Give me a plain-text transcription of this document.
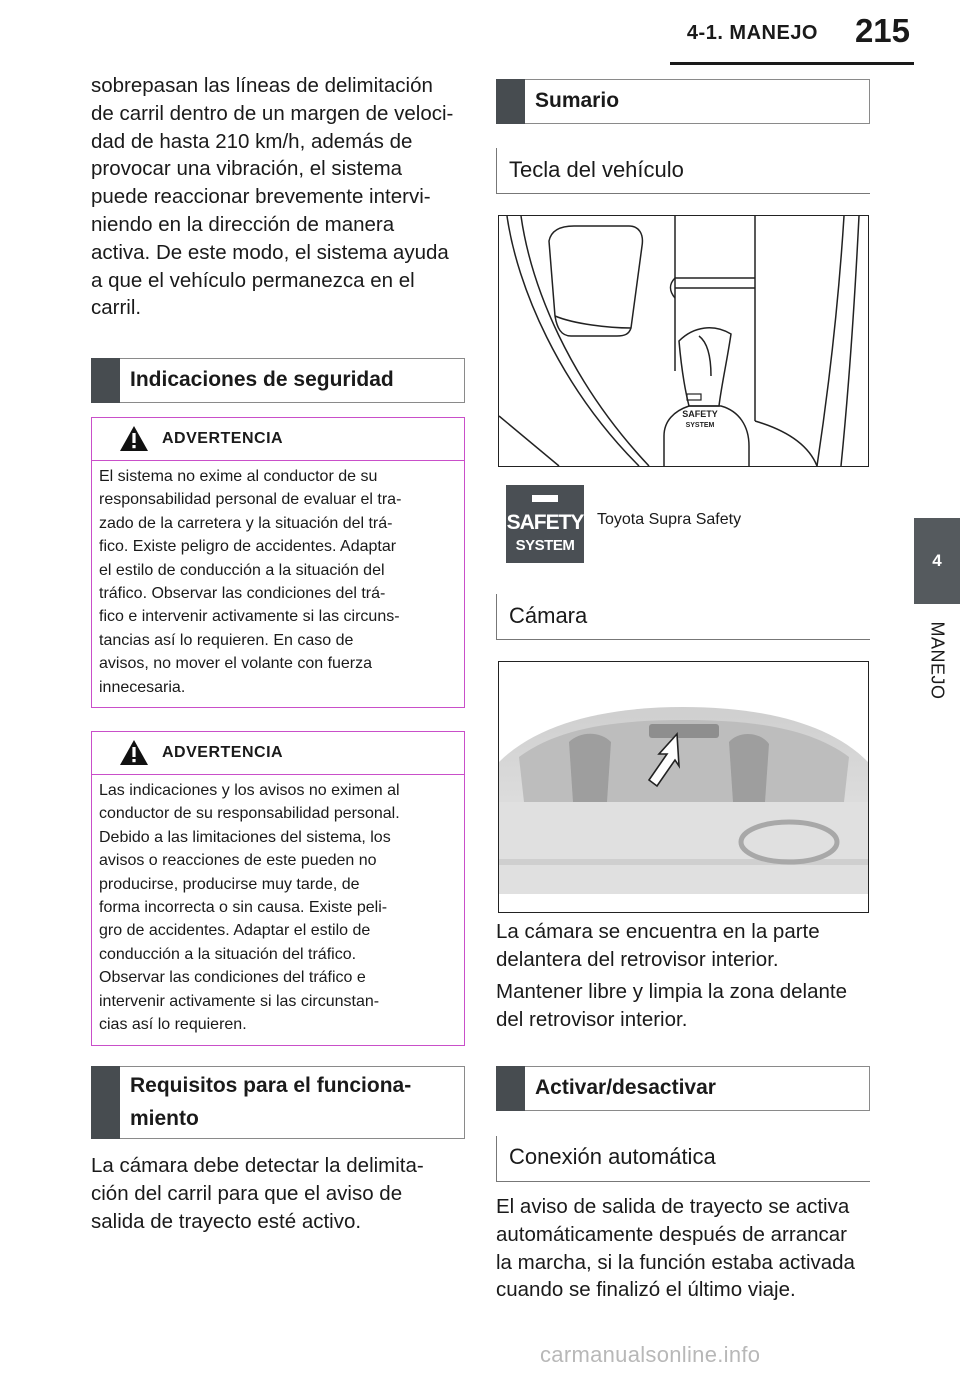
4-1. MANEJO	215
4
MANEJO
sobrepasan las líneas de delimitación
de carril dentro de un margen de veloci-
dad de hasta 210 km/h, además de
provocar una vibración, el sistema
puede reaccionar brevemente intervi-
niendo en la dirección de manera
activa. De este modo, el sistema ayuda
a que el vehículo permanezca en el
carril.
Indicaciones de seguridad
ADVERTENCIA
El sistema no exime al conductor de su
responsabilidad personal de evaluar el tra-
zado de la carretera y la situación del trá-
fico. Existe peligro de accidentes. Adaptar
el estilo de conducción a la situación del
tráfico. Observar las condiciones del trá-
fico e intervenir activamente si las circuns-
tancias así lo requieren. En caso de
avisos, no mover el volante con fuerza
innecesaria.
ADVERTENCIA
Las indicaciones y los avisos no eximen al
conductor de su responsabilidad personal.
Debido a las limitaciones del sistema, los
avisos o reacciones de este pueden no
producirse, producirse muy tarde, de
forma incorrecta o sin causa. Existe peli-
gro de accidentes. Adaptar el estilo de
conducción a la situación del tráfico.
Observar las condiciones del tráfico e
intervenir activamente si las circunstan-
cias así lo requieren.
Requisitos para el funciona-
miento
La cámara debe detectar la delimita-
ción del carril para que el aviso de
salida de trayecto esté activo.
Sumario
Tecla del vehículo
SAFETY
SYSTEM
SAFETY
SYSTEM
Toyota Supra Safety
Cámara
La cámara se encuentra en la parte
delantera del retrovisor interior.
Mantener libre y limpia la zona delante
del retrovisor interior.
Activar/desactivar
Conexión automática
El aviso de salida de trayecto se activa
automáticamente después de arrancar
la marcha, si la función estaba activada
cuando se finalizó el último viaje.
carmanualsonline.info
